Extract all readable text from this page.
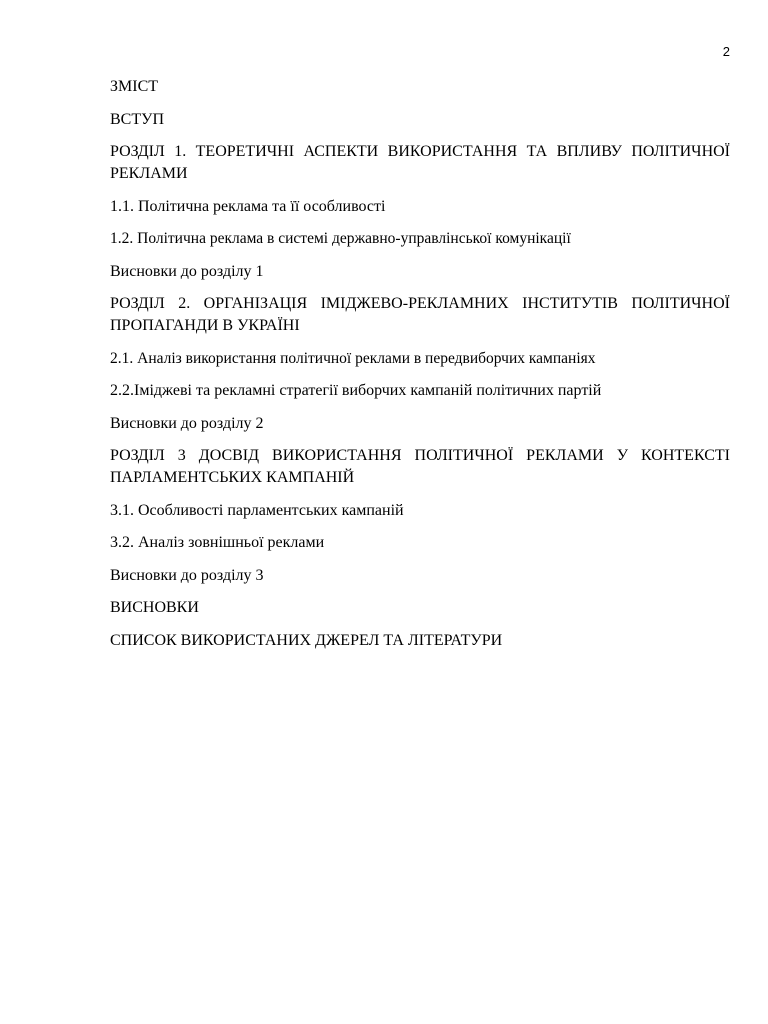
2

ЗМІСТ

ВСТУП

РОЗДІЛ 1. ТЕОРЕТИЧНІ АСПЕКТИ ВИКОРИСТАННЯ ТА ВПЛИВУ ПОЛІТИЧНОЇ РЕКЛАМИ

1.1. Політична реклама та її особливості

1.2. Політична реклама в системі державно-управлінської комунікації

Висновки до розділу 1

РОЗДІЛ 2. ОРГАНІЗАЦІЯ ІМІДЖЕВО-РЕКЛАМНИХ ІНСТИТУТІВ ПОЛІТИЧНОЇ ПРОПАГАНДИ В УКРАЇНІ

2.1. Аналіз використання політичної реклами в передвиборчих кампаніях

2.2.Іміджеві та рекламні стратегії виборчих кампаній політичних партій

Висновки до розділу 2

РОЗДІЛ 3 ДОСВІД ВИКОРИСТАННЯ ПОЛІТИЧНОЇ РЕКЛАМИ У КОНТЕКСТІ ПАРЛАМЕНТСЬКИХ КАМПАНІЙ

3.1. Особливості парламентських кампаній

3.2. Аналіз зовнішньої реклами

Висновки до розділу 3

ВИСНОВКИ

СПИСОК ВИКОРИСТАНИХ ДЖЕРЕЛ ТА ЛІТЕРАТУРИ
